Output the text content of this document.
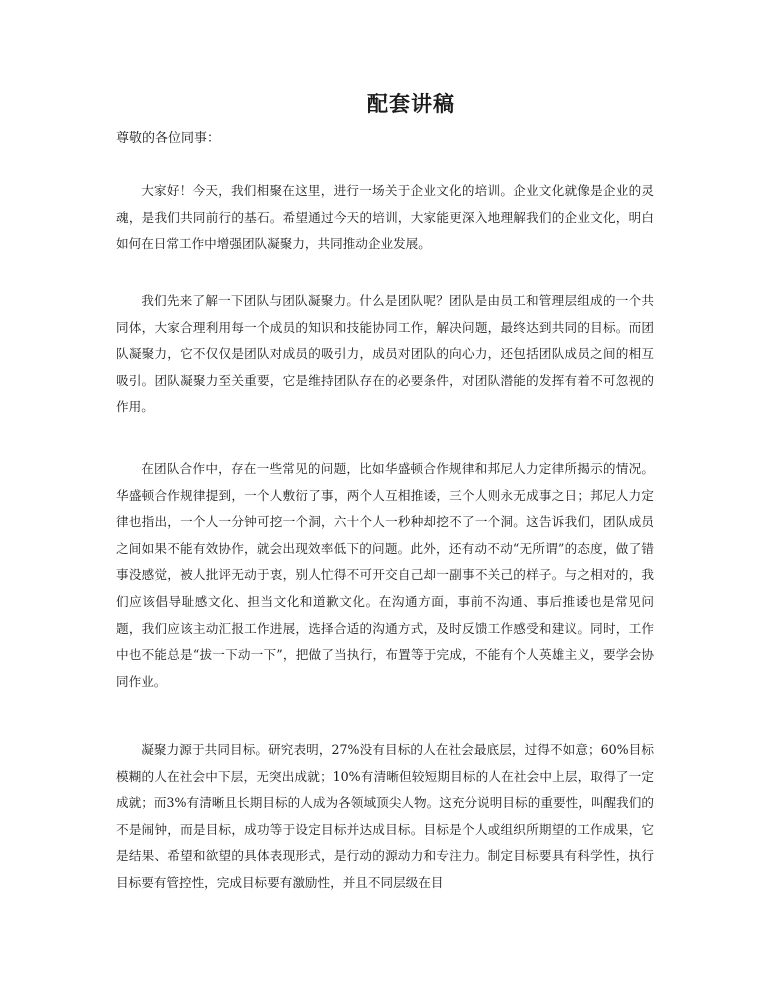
配套讲稿

尊敬的各位同事：

大家好！今天，我们相聚在这里，进行一场关于企业文化的培训。企业文化就像是企业的灵魂，是我们共同前行的基石。希望通过今天的培训，大家能更深入地理解我们的企业文化，明白如何在日常工作中增强团队凝聚力，共同推动企业发展。

我们先来了解一下团队与团队凝聚力。什么是团队呢？团队是由员工和管理层组成的一个共同体，大家合理利用每一个成员的知识和技能协同工作，解决问题，最终达到共同的目标。而团队凝聚力，它不仅仅是团队对成员的吸引力，成员对团队的向心力，还包括团队成员之间的相互吸引。团队凝聚力至关重要，它是维持团队存在的必要条件，对团队潜能的发挥有着不可忽视的作用。

在团队合作中，存在一些常见的问题，比如华盛顿合作规律和邦尼人力定律所揭示的情况。华盛顿合作规律提到，一个人敷衍了事，两个人互相推诿，三个人则永无成事之日；邦尼人力定律也指出，一个人一分钟可挖一个洞，六十个人一秒种却挖不了一个洞。这告诉我们，团队成员之间如果不能有效协作，就会出现效率低下的问题。此外，还有动不动“无所谓”的态度，做了错事没感觉，被人批评无动于衷，别人忙得不可开交自己却一副事不关己的样子。与之相对的，我们应该倡导耻感文化、担当文化和道歉文化。在沟通方面，事前不沟通、事后推诿也是常见问题，我们应该主动汇报工作进展，选择合适的沟通方式，及时反馈工作感受和建议。同时，工作中也不能总是“拔一下动一下”，把做了当执行，布置等于完成，不能有个人英雄主义，要学会协同作业。

凝聚力源于共同目标。研究表明，27%没有目标的人在社会最底层，过得不如意；60%目标模糊的人在社会中下层，无突出成就；10%有清晰但较短期目标的人在社会中上层，取得了一定成就；而3%有清晰且长期目标的人成为各领域顶尖人物。这充分说明目标的重要性，叫醒我们的不是闹钟，而是目标，成功等于设定目标并达成目标。目标是个人或组织所期望的工作成果，它是结果、希望和欲望的具体表现形式，是行动的源动力和专注力。制定目标要具有科学性，执行目标要有管控性，完成目标要有激励性，并且不同层级在目
